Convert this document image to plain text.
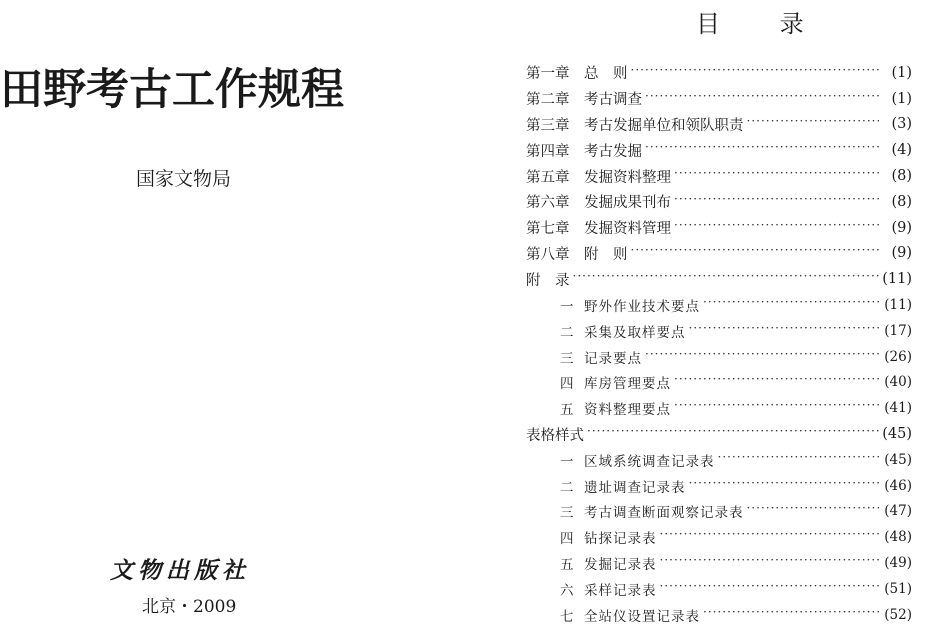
田野考古工作规程
国家文物局
文物出版社
北京・2009
目 录
第一章	总　则 ·····	(1)
第二章	考古调查 ·····	(1)
第三章	考古发掘单位和领队职责 ·····	(3)
第四章	考古发掘 ·····	(4)
第五章	发掘资料整理 ·····	(8)
第六章	发掘成果刊布 ·····	(8)
第七章	发掘资料管理 ·····	(9)
第八章	附　则 ·····	(9)
附　录 ·····	(11)
一 野外作业技术要点 ·····	(11)
二 采集及取样要点 ·····	(17)
三 记录要点 ·····	(26)
四 库房管理要点 ·····	(40)
五 资料整理要点 ·····	(41)
表格样式 ·····	(45)
一 区域系统调查记录表 ·····	(45)
二 遗址调查记录表 ·····	(46)
三 考古调查断面观察记录表 ·····	(47)
四 钻探记录表 ·····	(48)
五 发掘记录表 ·····	(49)
六 采样记录表 ·····	(51)
七 全站仪设置记录表 ·····	(52)
